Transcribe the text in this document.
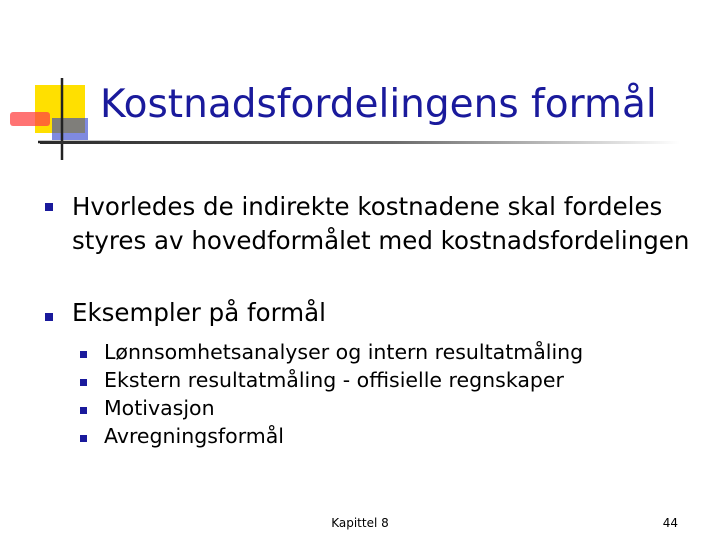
Kostnadsfordelingens formål
Hvorledes de indirekte kostnadene skal fordeles styres av hovedformålet med kostnadsfordelingen
Eksempler på formål
Lønnsomhetsanalyser og intern resultatmåling
Ekstern resultatmåling - offisielle regnskaper
Motivasjon
Avregningsformål
Kapittel 8	44
